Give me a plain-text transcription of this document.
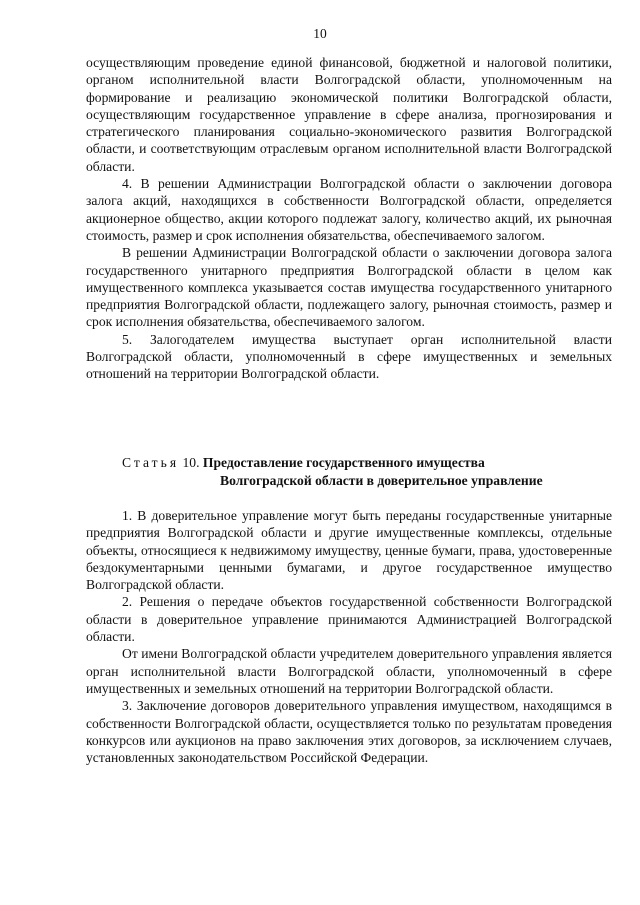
10

осуществляющим проведение единой финансовой, бюджетной и налоговой политики, органом исполнительной власти Волгоградской области, уполномоченным на формирование и реализацию экономической политики Волгоградской области, осуществляющим государственное управление в сфере анализа, прогнозирования и стратегического планирования социально-экономического развития Волгоградской области, и соответствующим отраслевым органом исполнительной власти Волгоградской области.

4. В решении Администрации Волгоградской области о заключении договора залога акций, находящихся в собственности Волгоградской области, определяется акционерное общество, акции которого подлежат залогу, количество акций, их рыночная стоимость, размер и срок исполнения обязательства, обеспечиваемого залогом.

В решении Администрации Волгоградской области о заключении договора залога государственного унитарного предприятия Волгоградской области в целом как имущественного комплекса указывается состав имущества государственного унитарного предприятия Волгоградской области, подлежащего залогу, рыночная стоимость, размер и срок исполнения обязательства, обеспечиваемого залогом.

5. Залогодателем имущества выступает орган исполнительной власти Волгоградской области, уполномоченный в сфере имущественных и земельных отношений на территории Волгоградской области.

Статья 10. Предоставление государственного имущества
Волгоградской области в доверительное управление

1. В доверительное управление могут быть переданы государственные унитарные предприятия Волгоградской области и другие имущественные комплексы, отдельные объекты, относящиеся к недвижимому имуществу, ценные бумаги, права, удостоверенные бездокументарными ценными бумагами, и другое государственное имущество Волгоградской области.

2. Решения о передаче объектов государственной собственности Волгоградской области в доверительное управление принимаются Администрацией Волгоградской области.

От имени Волгоградской области учредителем доверительного управления является орган исполнительной власти Волгоградской области, уполномоченный в сфере имущественных и земельных отношений на территории Волгоградской области.

3. Заключение договоров доверительного управления имуществом, находящимся в собственности Волгоградской области, осуществляется только по результатам проведения конкурсов или аукционов на право заключения этих договоров, за исключением случаев, установленных законодательством Российской Федерации.
